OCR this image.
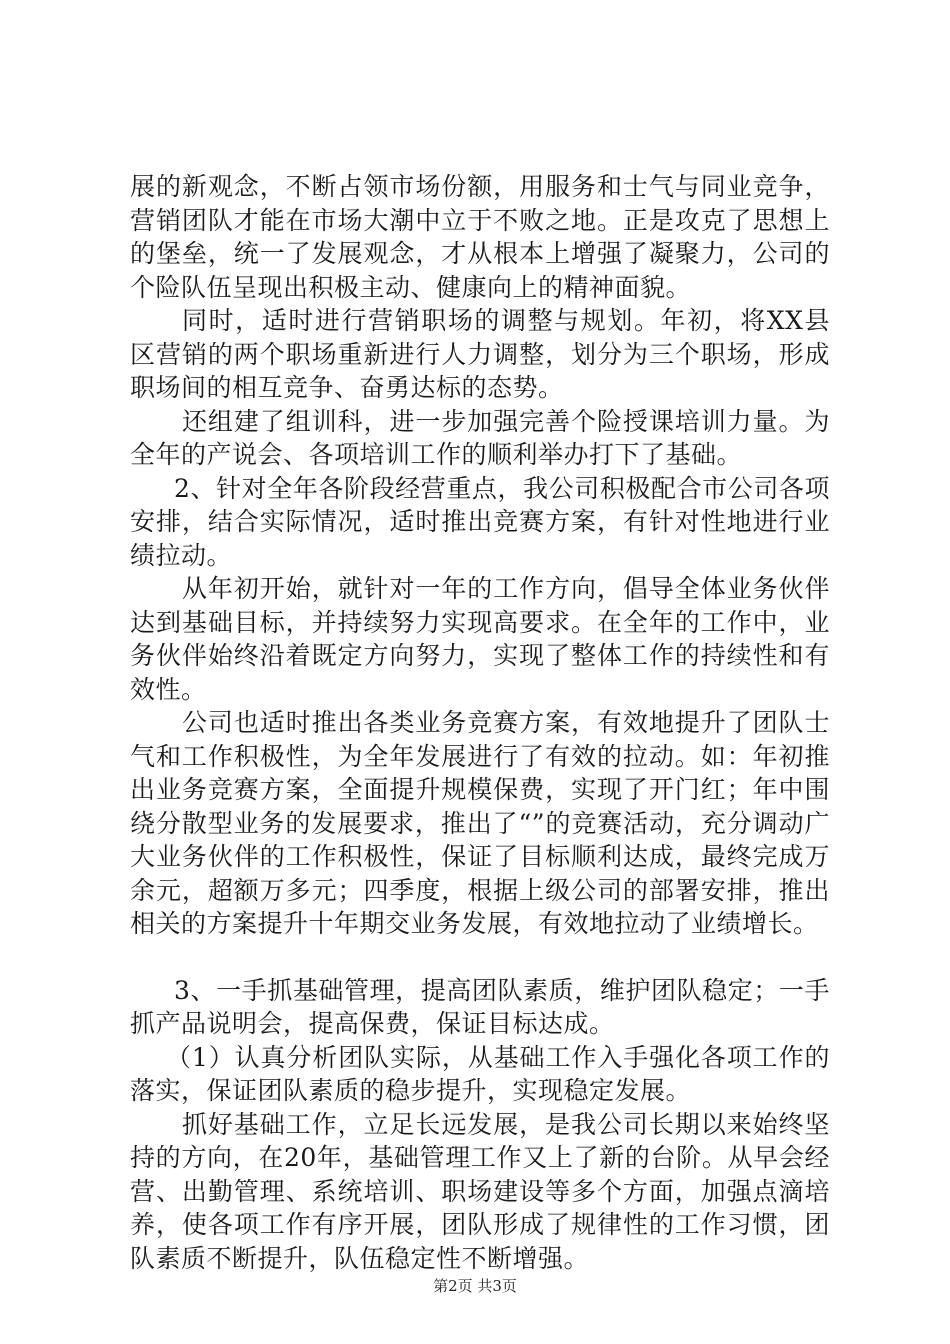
展的新观念，不断占领市场份额，用服务和士气与同业竞争，营销团队才能在市场大潮中立于不败之地。正是攻克了思想上的堡垒，统一了发展观念，才从根本上增强了凝聚力，公司的个险队伍呈现出积极主动、健康向上的精神面貌。

同时，适时进行营销职场的调整与规划。年初，将XX县区营销的两个职场重新进行人力调整，划分为三个职场，形成职场间的相互竞争、奋勇达标的态势。

还组建了组训科，进一步加强完善个险授课培训力量。为全年的产说会、各项培训工作的顺利举办打下了基础。

2、针对全年各阶段经营重点，我公司积极配合市公司各项安排，结合实际情况，适时推出竞赛方案，有针对性地进行业绩拉动。

从年初开始，就针对一年的工作方向，倡导全体业务伙伴达到基础目标，并持续努力实现高要求。在全年的工作中，业务伙伴始终沿着既定方向努力，实现了整体工作的持续性和有效性。

公司也适时推出各类业务竞赛方案，有效地提升了团队士气和工作积极性，为全年发展进行了有效的拉动。如：年初推出业务竞赛方案，全面提升规模保费，实现了开门红；年中围绕分散型业务的发展要求，推出了“”的竞赛活动，充分调动广大业务伙伴的工作积极性，保证了目标顺利达成，最终完成万余元，超额万多元；四季度，根据上级公司的部署安排，推出相关的方案提升十年期交业务发展，有效地拉动了业绩增长。

3、一手抓基础管理，提高团队素质，维护团队稳定；一手抓产品说明会，提高保费，保证目标达成。

（1）认真分析团队实际，从基础工作入手强化各项工作的落实，保证团队素质的稳步提升，实现稳定发展。

抓好基础工作，立足长远发展，是我公司长期以来始终坚持的方向，在20年，基础管理工作又上了新的台阶。从早会经营、出勤管理、系统培训、职场建设等多个方面，加强点滴培养，使各项工作有序开展，团队形成了规律性的工作习惯，团队素质不断提升，队伍稳定性不断增强。

第2页 共3页
